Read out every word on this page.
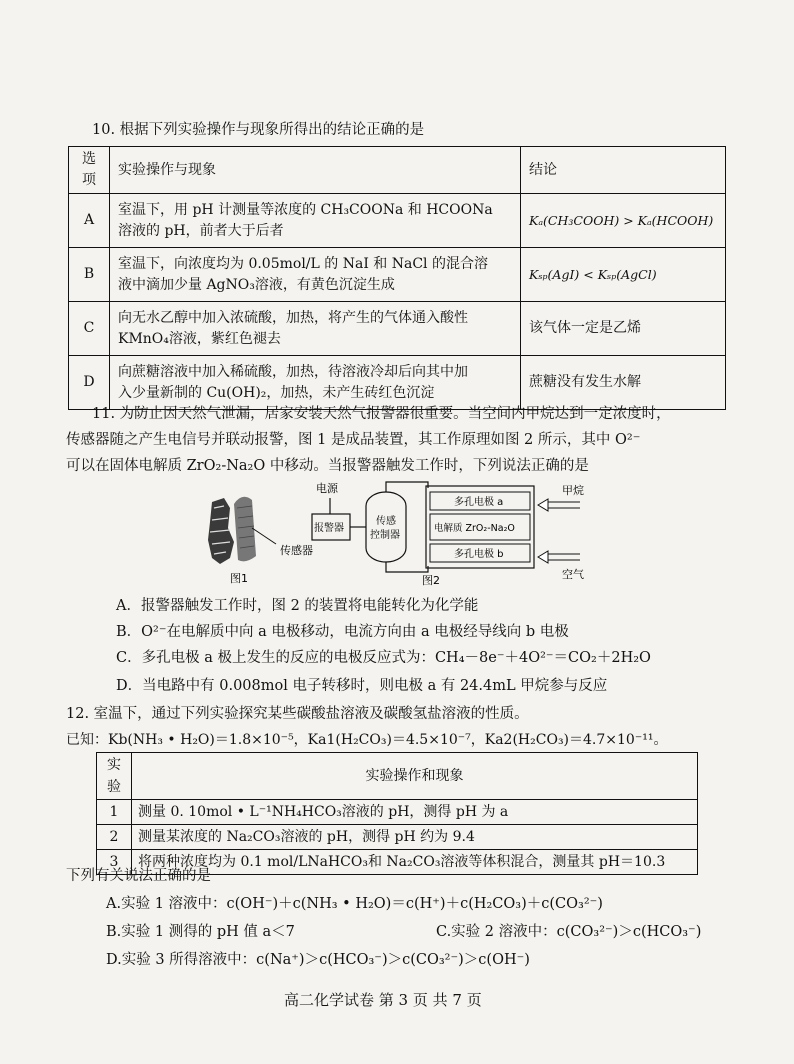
10. 根据下列实验操作与现象所得出的结论正确的是
选项	实验操作与现象	结论
A	室温下，用 pH 计测量等浓度的 CH₃COONa 和 HCOONa
溶液的 pH，前者大于后者	Kₐ(CH₃COOH) > Kₐ(HCOOH)
B	室温下，向浓度均为 0.05mol/L 的 NaI 和 NaCl 的混合溶
液中滴加少量 AgNO₃溶液，有黄色沉淀生成	Kₛₚ(AgI) < Kₛₚ(AgCl)
C	向无水乙醇中加入浓硫酸，加热，将产生的气体通入酸性
KMnO₄溶液，紫红色褪去	该气体一定是乙烯
D	向蔗糖溶液中加入稀硫酸，加热，待溶液冷却后向其中加
入少量新制的 Cu(OH)₂，加热，未产生砖红色沉淀	蔗糖没有发生水解
11. 为防止因天然气泄漏，居家安装天然气报警器很重要。当空间内甲烷达到一定浓度时，
传感器随之产生电信号并联动报警，图 1 是成品装置，其工作原理如图 2 所示，其中 O²⁻
可以在固体电解质 ZrO₂-Na₂O 中移动。当报警器触发工作时，下列说法正确的是
传感器
图1
电源
报警器
传感
控制器
多孔电极 a
电解质 ZrO₂-Na₂O
多孔电极 b
甲烷
空气
图2
A．报警器触发工作时，图 2 的装置将电能转化为化学能
B．O²⁻在电解质中向 a 电极移动，电流方向由 a 电极经导线向 b 电极
C．多孔电极 a 极上发生的反应的电极反应式为：CH₄－8e⁻＋4O²⁻＝CO₂＋2H₂O
D．当电路中有 0.008mol 电子转移时，则电极 a 有 24.4mL 甲烷参与反应
12. 室温下，通过下列实验探究某些碳酸盐溶液及碳酸氢盐溶液的性质。
已知：Kb(NH₃ • H₂O)＝1.8×10⁻⁵，Ka1(H₂CO₃)＝4.5×10⁻⁷，Ka2(H₂CO₃)＝4.7×10⁻¹¹。
实验	实验操作和现象
1	测量 0. 10mol • L⁻¹NH₄HCO₃溶液的 pH，测得 pH 为 a
2	测量某浓度的 Na₂CO₃溶液的 pH，测得 pH 约为 9.4
3	将两种浓度均为 0.1 mol/LNaHCO₃和 Na₂CO₃溶液等体积混合，测量其 pH＝10.3
下列有关说法正确的是
A.实验 1 溶液中：c(OH⁻)＋c(NH₃ • H₂O)＝c(H⁺)＋c(H₂CO₃)＋c(CO₃²⁻)
B.实验 1 测得的 pH 值 a＜7	C.实验 2 溶液中：c(CO₃²⁻)＞c(HCO₃⁻)
D.实验 3 所得溶液中：c(Na⁺)＞c(HCO₃⁻)＞c(CO₃²⁻)＞c(OH⁻)
高二化学试卷 第 3 页 共 7 页
